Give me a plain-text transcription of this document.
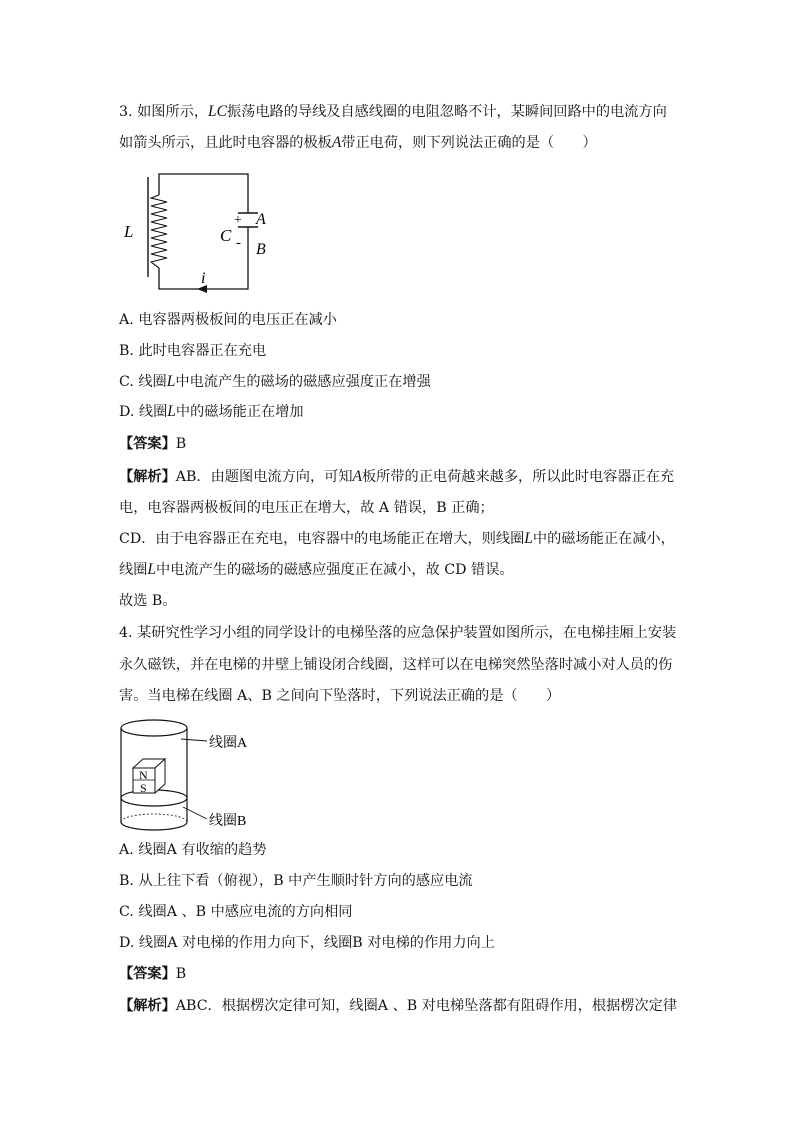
3. 如图所示，LC振荡电路的导线及自感线圈的电阻忽略不计，某瞬间回路中的电流方向
如箭头所示，且此时电容器的极板A带正电荷，则下列说法正确的是（　　）
L	C
+
-
A
B
i
A. 电容器两极板间的电压正在减小
B. 此时电容器正在充电
C. 线圈L中电流产生的磁场的磁感应强度正在增强
D. 线圈L中的磁场能正在增加
【答案】B
【解析】AB．由题图电流方向，可知A板所带的正电荷越来越多，所以此时电容器正在充
电，电容器两极板间的电压正在增大，故 A 错误，B 正确；
CD．由于电容器正在充电，电容器中的电场能正在增大，则线圈L中的磁场能正在减小，
线圈L中电流产生的磁场的磁感应强度正在减小，故 CD 错误。
故选 B。
4. 某研究性学习小组的同学设计的电梯坠落的应急保护装置如图所示，在电梯挂厢上安装
永久磁铁，并在电梯的井壁上铺设闭合线圈，这样可以在电梯突然坠落时减小对人员的伤
害。当电梯在线圈 A、B 之间向下坠落时，下列说法正确的是（　　）
N
S
线圈A
线圈B
A. 线圈A 有收缩的趋势
B. 从上往下看（俯视），B 中产生顺时针方向的感应电流
C. 线圈A 、B 中感应电流的方向相同
D. 线圈A 对电梯的作用力向下，线圈B 对电梯的作用力向上
【答案】B
【解析】ABC．根据楞次定律可知，线圈A 、B 对电梯坠落都有阻碍作用，根据楞次定律
